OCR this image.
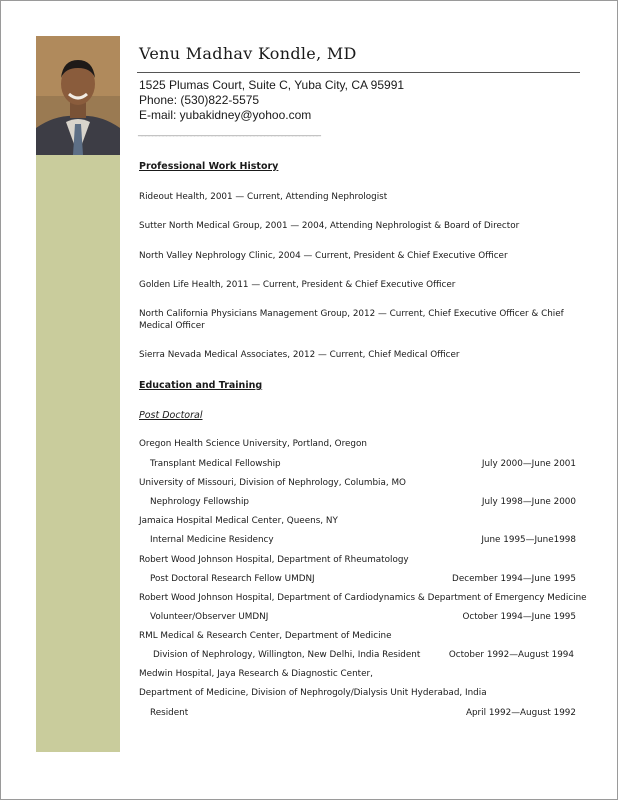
Venu Madhav Kondle, MD
1525 Plumas Court, Suite C, Yuba City, CA 95991
Phone: (530)822-5575
E-mail: yubakidney@yohoo.com
____________________________________________________
Professional Work History
Rideout Health, 2001 — Current, Attending Nephrologist
Sutter North Medical Group, 2001 — 2004, Attending Nephrologist & Board of Director
North Valley Nephrology Clinic, 2004 — Current, President & Chief Executive Officer
Golden Life Health, 2011 — Current, President & Chief Executive Officer
North California Physicians Management Group, 2012 — Current, Chief Executive Officer & Chief Medical Officer
Sierra Nevada Medical Associates, 2012 — Current, Chief Medical Officer
Education and Training
Post Doctoral
Oregon Health Science University, Portland, Oregon
Transplant Medical Fellowship	July 2000—June 2001
University of Missouri, Division of Nephrology, Columbia, MO
Nephrology Fellowship	July 1998—June 2000
Jamaica Hospital Medical Center, Queens, NY
Internal Medicine Residency	June 1995—June1998
Robert Wood Johnson Hospital, Department of Rheumatology
Post Doctoral Research Fellow UMDNJ	December 1994—June 1995
Robert Wood Johnson Hospital, Department of Cardiodynamics & Department of Emergency Medicine
Volunteer/Observer UMDNJ	October 1994—June 1995
RML Medical & Research Center, Department of Medicine
Division of Nephrology, Willington, New Delhi, India Resident	October 1992—August 1994
Medwin Hospital, Jaya Research & Diagnostic Center,
Department of Medicine, Division of Nephrogoly/Dialysis Unit Hyderabad, India
Resident	April 1992—August 1992
